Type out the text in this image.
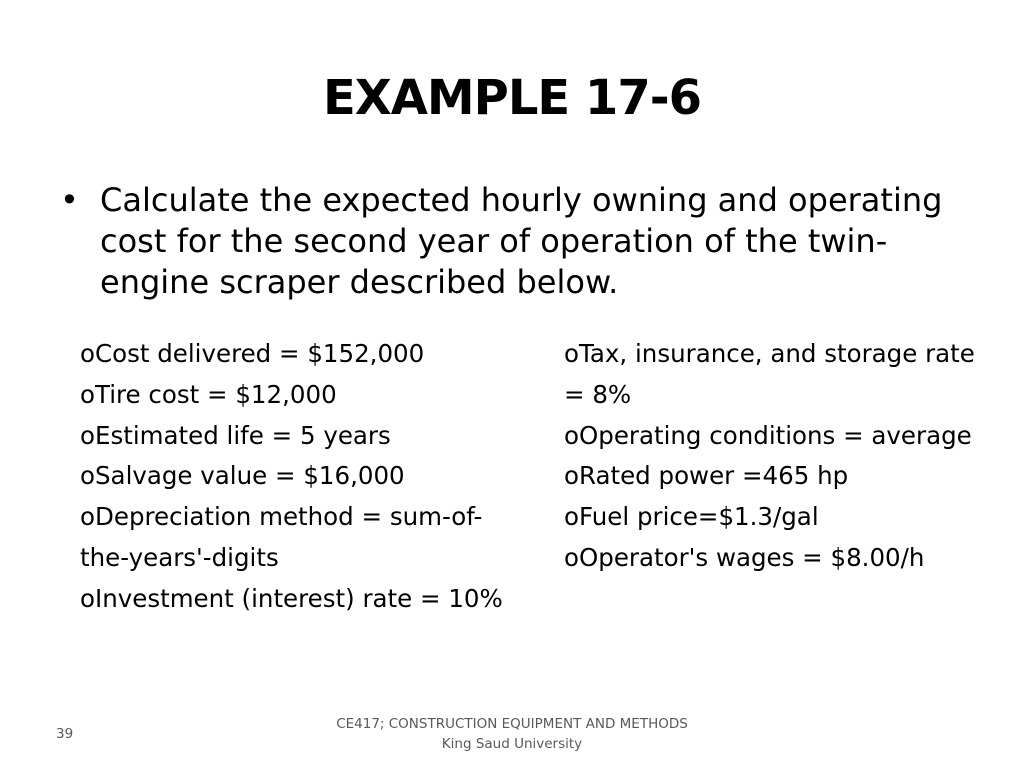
EXAMPLE 17-6

• Calculate the expected hourly owning and operating cost for the second year of operation of the twin-engine scraper described below.

oCost delivered = $152,000
oTire cost = $12,000
oEstimated life = 5 years
oSalvage value = $16,000
oDepreciation method = sum-of-the-years'-digits
oInvestment (interest) rate = 10%
oTax, insurance, and storage rate = 8%
oOperating conditions = average
oRated power =465 hp
oFuel price=$1.3/gal
oOperator's wages = $8.00/h
CE417; CONSTRUCTION EQUIPMENT AND METHODS
King Saud University
39
